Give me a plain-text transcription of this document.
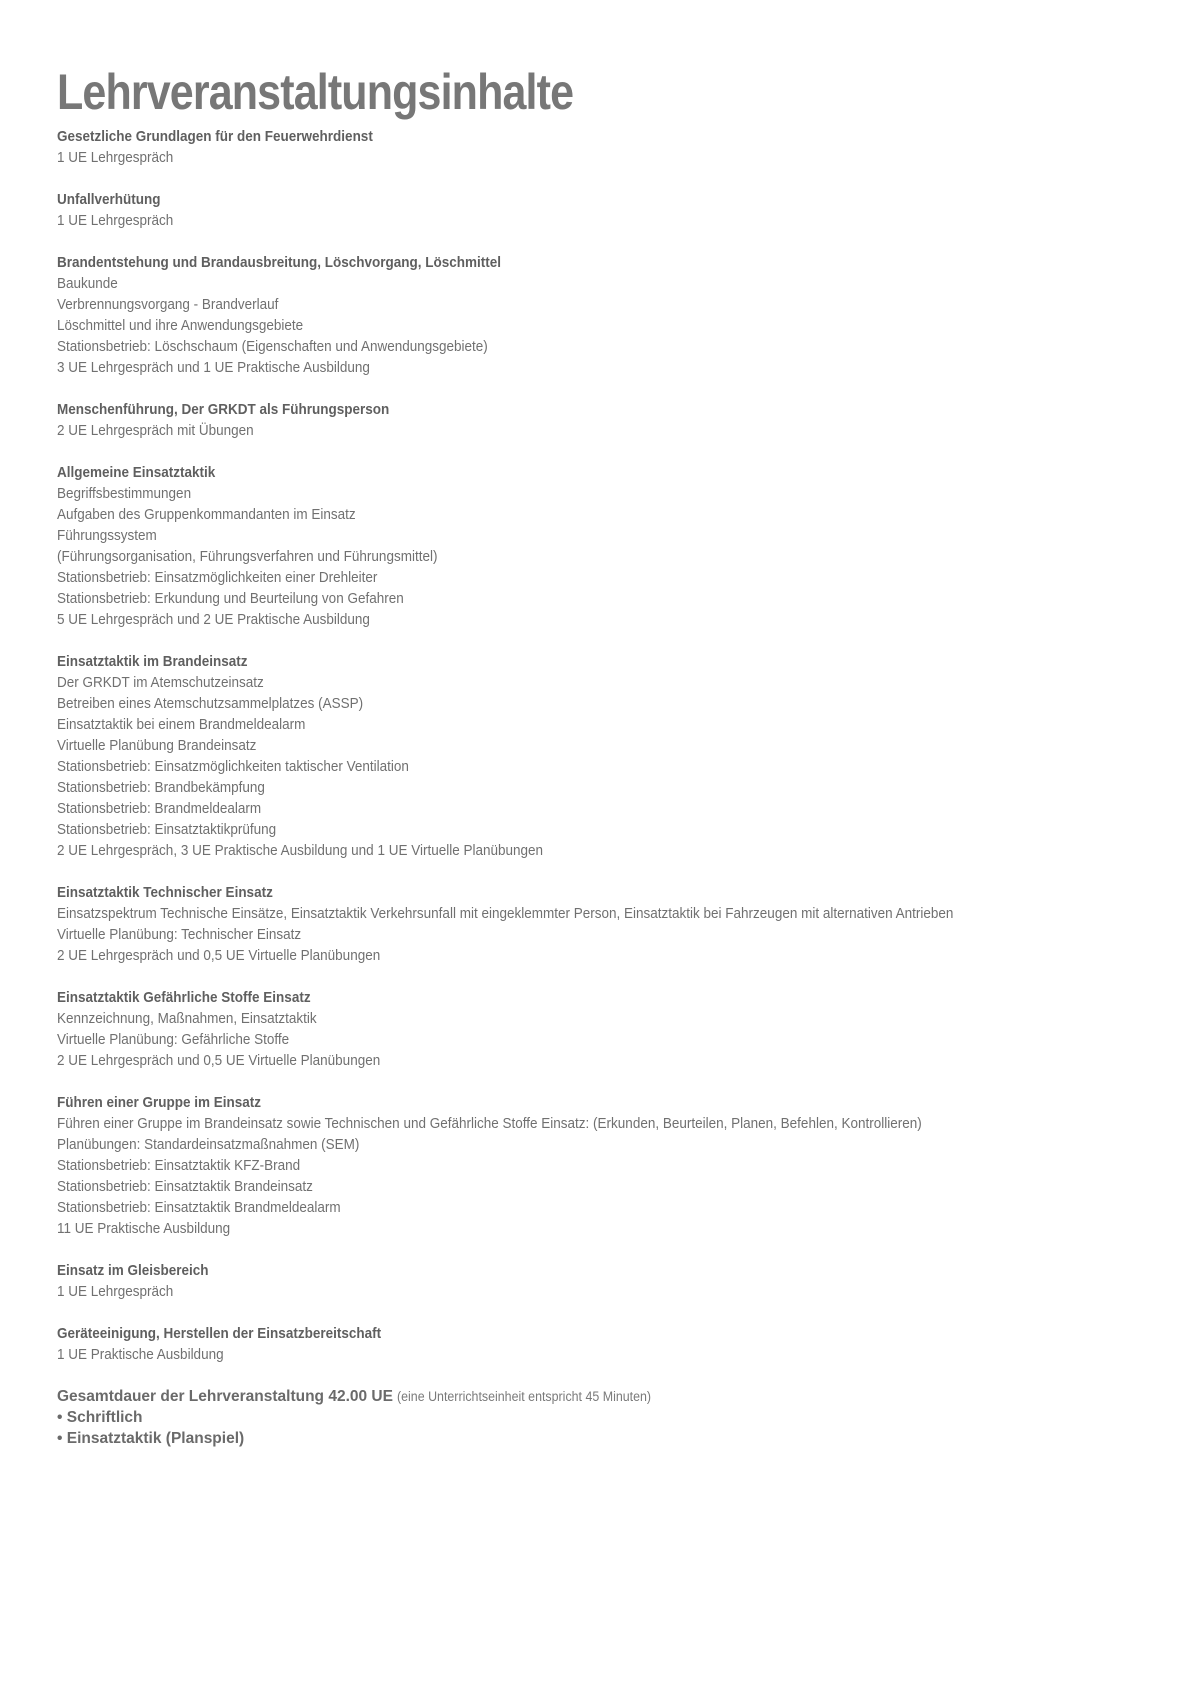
Lehrveranstaltungsinhalte
Gesetzliche Grundlagen für den Feuerwehrdienst
1 UE Lehrgespräch
Unfallverhütung
1 UE Lehrgespräch
Brandentstehung und Brandausbreitung, Löschvorgang, Löschmittel
Baukunde
Verbrennungsvorgang - Brandverlauf
Löschmittel und ihre Anwendungsgebiete
Stationsbetrieb: Löschschaum (Eigenschaften und Anwendungsgebiete)
3 UE Lehrgespräch und 1 UE Praktische Ausbildung
Menschenführung, Der GRKDT als Führungsperson
2 UE Lehrgespräch mit Übungen
Allgemeine Einsatztaktik
Begriffsbestimmungen
Aufgaben des Gruppenkommandanten im Einsatz
Führungssystem
(Führungsorganisation, Führungsverfahren und Führungsmittel)
Stationsbetrieb: Einsatzmöglichkeiten einer Drehleiter
Stationsbetrieb: Erkundung und Beurteilung von Gefahren
5 UE Lehrgespräch und 2 UE Praktische Ausbildung
Einsatztaktik im Brandeinsatz
Der GRKDT im Atemschutzeinsatz
Betreiben eines Atemschutzsammelplatzes (ASSP)
Einsatztaktik bei einem Brandmeldealarm
Virtuelle Planübung Brandeinsatz
Stationsbetrieb: Einsatzmöglichkeiten taktischer Ventilation
Stationsbetrieb: Brandbekämpfung
Stationsbetrieb: Brandmeldealarm
Stationsbetrieb: Einsatztaktikprüfung
2 UE Lehrgespräch, 3 UE Praktische Ausbildung und 1 UE Virtuelle Planübungen
Einsatztaktik Technischer Einsatz
Einsatzspektrum Technische Einsätze, Einsatztaktik Verkehrsunfall mit eingeklemmter Person, Einsatztaktik bei Fahrzeugen mit alternativen Antrieben
Virtuelle Planübung: Technischer Einsatz
2 UE Lehrgespräch und 0,5 UE Virtuelle Planübungen
Einsatztaktik Gefährliche Stoffe Einsatz
Kennzeichnung, Maßnahmen, Einsatztaktik
Virtuelle Planübung: Gefährliche Stoffe
2 UE Lehrgespräch und 0,5 UE Virtuelle Planübungen
Führen einer Gruppe im Einsatz
Führen einer Gruppe im Brandeinsatz sowie Technischen und Gefährliche Stoffe Einsatz: (Erkunden, Beurteilen, Planen, Befehlen, Kontrollieren)
Planübungen: Standardeinsatzmaßnahmen (SEM)
Stationsbetrieb: Einsatztaktik KFZ-Brand
Stationsbetrieb: Einsatztaktik Brandeinsatz
Stationsbetrieb: Einsatztaktik Brandmeldealarm
11 UE Praktische Ausbildung
Einsatz im Gleisbereich
1 UE Lehrgespräch
Geräteeinigung, Herstellen der Einsatzbereitschaft
1 UE Praktische Ausbildung
Gesamtdauer der Lehrveranstaltung 42.00 UE (eine Unterrichtseinheit entspricht 45 Minuten)
• Schriftlich
• Einsatztaktik (Planspiel)
